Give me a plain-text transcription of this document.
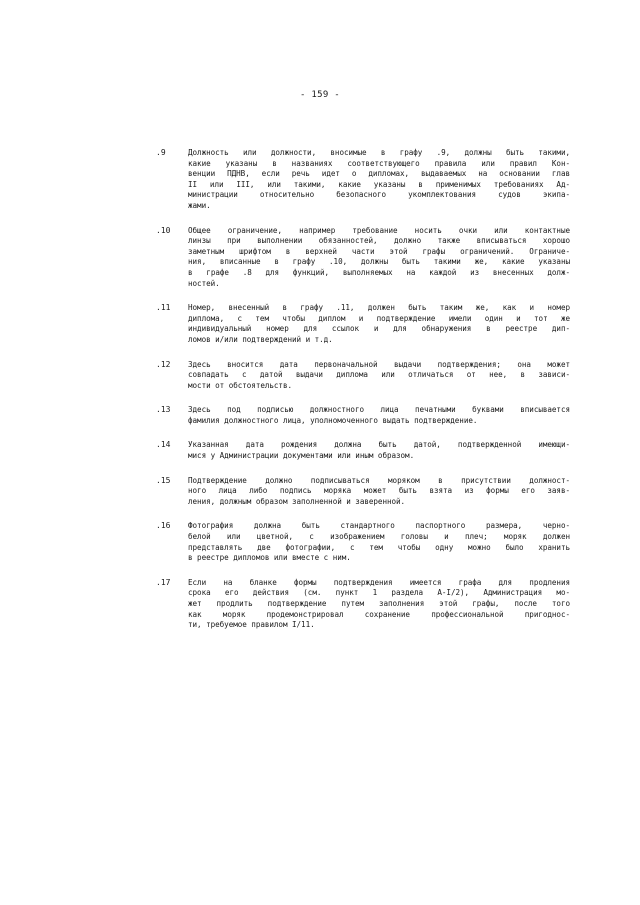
- 159 -
.9	Должность или должности, вносимые в графу .9, должны быть такими,
какие указаны в названиях соответствующего правила или правил Кон-
венции ПДНВ, если речь идет о дипломах, выдаваемых на основании глав
II или III, или такими, какие указаны в применимых требованиях Ад-
министрации относительно безопасного укомплектования судов экипа-
жами.
.10	Общее ограничение, например требование носить очки или контактные
линзы при выполнении обязанностей, должно также вписываться хорошо
заметным шрифтом в верхней части этой графы ограничений. Ограниче-
ния, вписанные в графу .10, должны быть такими же, какие указаны
в графе .8 для функций, выполняемых на каждой из внесенных долж-
ностей.
.11	Номер, внесенный в графу .11, должен быть таким же, как и номер
диплома, с тем чтобы диплом и подтверждение имели один и тот же
индивидуальный номер для ссылок и для обнаружения в реестре дип-
ломов и/или подтверждений и т.д.
.12	Здесь вносится дата первоначальной выдачи подтверждения; она может
совпадать с датой выдачи диплома или отличаться от нее, в зависи-
мости от обстоятельств.
.13	Здесь под подписью должностного лица печатными буквами вписывается
фамилия должностного лица, уполномоченного выдать подтверждение.
.14	Указанная дата рождения должна быть датой, подтвержденной имеющи-
мися у Администрации документами или иным образом.
.15	Подтверждение должно подписываться моряком в присутствии должност-
ного лица либо подпись моряка может быть взята из формы его заяв-
ления, должным образом заполненной и заверенной.
.16	Фотография должна быть стандартного паспортного размера, черно-
белой или цветной, с изображением головы и плеч; моряк должен
представлять две фотографии, с тем чтобы одну можно было хранить
в реестре дипломов или вместе с ним.
.17	Если на бланке формы подтверждения имеется графа для продления
срока его действия (см. пункт 1 раздела A-I/2), Администрация мо-
жет продлить подтверждение путем заполнения этой графы, после того
как моряк продемонстрировал сохранение профессиональной пригоднос-
ти, требуемое правилом I/11.
